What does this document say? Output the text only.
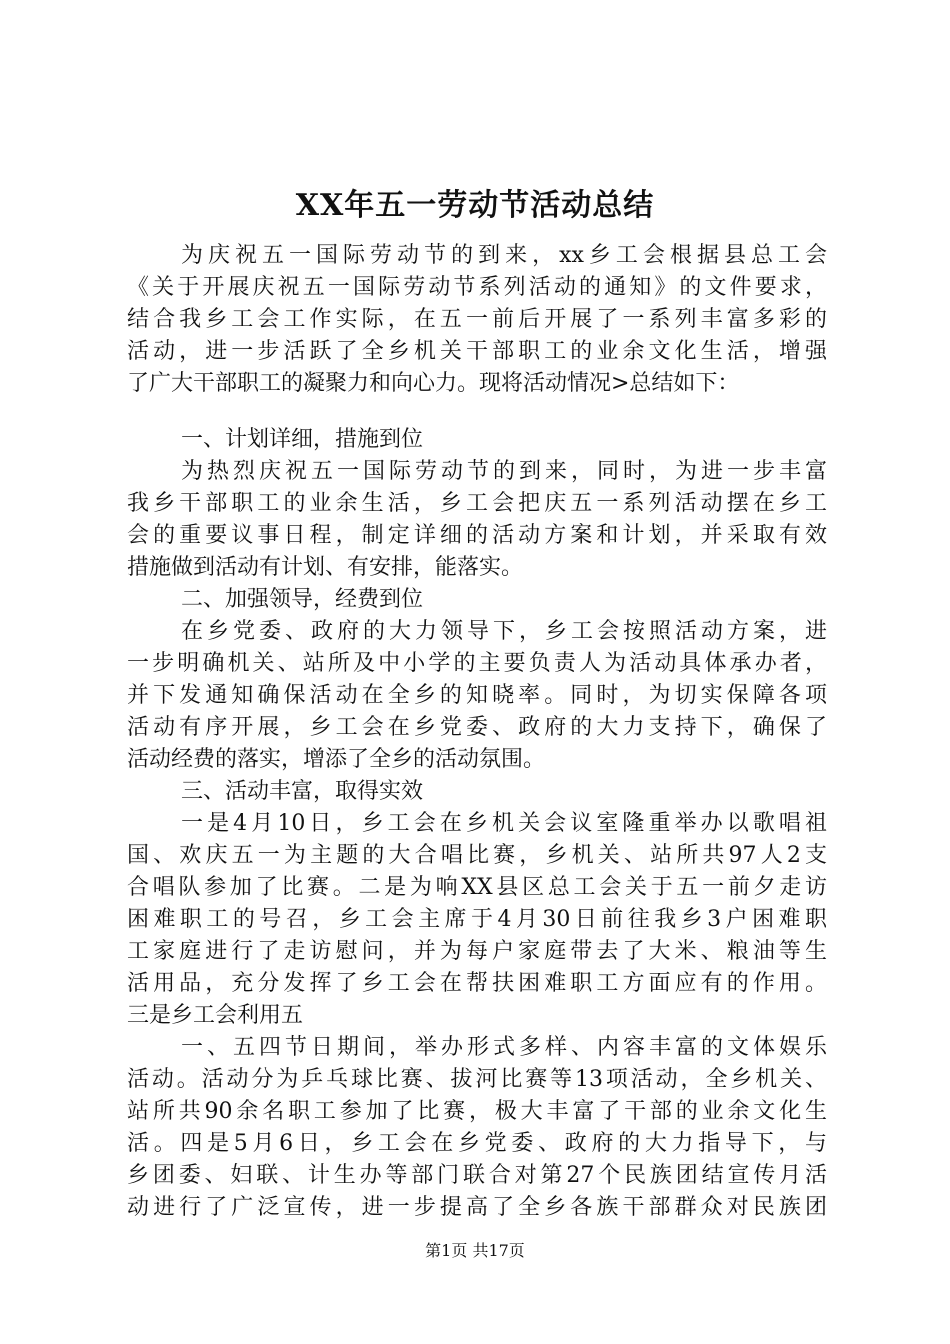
XX年五一劳动节活动总结
为庆祝五一国际劳动节的到来，xx乡工会根据县总工会
《关于开展庆祝五一国际劳动节系列活动的通知》的文件要求，
结合我乡工会工作实际，在五一前后开展了一系列丰富多彩的
活动，进一步活跃了全乡机关干部职工的业余文化生活，增强
了广大干部职工的凝聚力和向心力。现将活动情况>总结如下：
一、计划详细，措施到位
为热烈庆祝五一国际劳动节的到来，同时，为进一步丰富
我乡干部职工的业余生活，乡工会把庆五一系列活动摆在乡工
会的重要议事日程，制定详细的活动方案和计划，并采取有效
措施做到活动有计划、有安排，能落实。
二、加强领导，经费到位
在乡党委、政府的大力领导下，乡工会按照活动方案，进
一步明确机关、站所及中小学的主要负责人为活动具体承办者，
并下发通知确保活动在全乡的知晓率。同时，为切实保障各项
活动有序开展，乡工会在乡党委、政府的大力支持下，确保了
活动经费的落实，增添了全乡的活动氛围。
三、活动丰富，取得实效
一是4月10日，乡工会在乡机关会议室隆重举办以歌唱祖
国、欢庆五一为主题的大合唱比赛，乡机关、站所共97人2支
合唱队参加了比赛。二是为响XX县区总工会关于五一前夕走访
困难职工的号召，乡工会主席于4月30日前往我乡3户困难职
工家庭进行了走访慰问，并为每户家庭带去了大米、粮油等生
活用品，充分发挥了乡工会在帮扶困难职工方面应有的作用。
三是乡工会利用五
一、五四节日期间，举办形式多样、内容丰富的文体娱乐
活动。活动分为乒乓球比赛、拔河比赛等13项活动，全乡机关、
站所共90余名职工参加了比赛，极大丰富了干部的业余文化生
活。四是5月6日，乡工会在乡党委、政府的大力指导下，与
乡团委、妇联、计生办等部门联合对第27个民族团结宣传月活
动进行了广泛宣传，进一步提高了全乡各族干部群众对民族团
第1页 共17页
